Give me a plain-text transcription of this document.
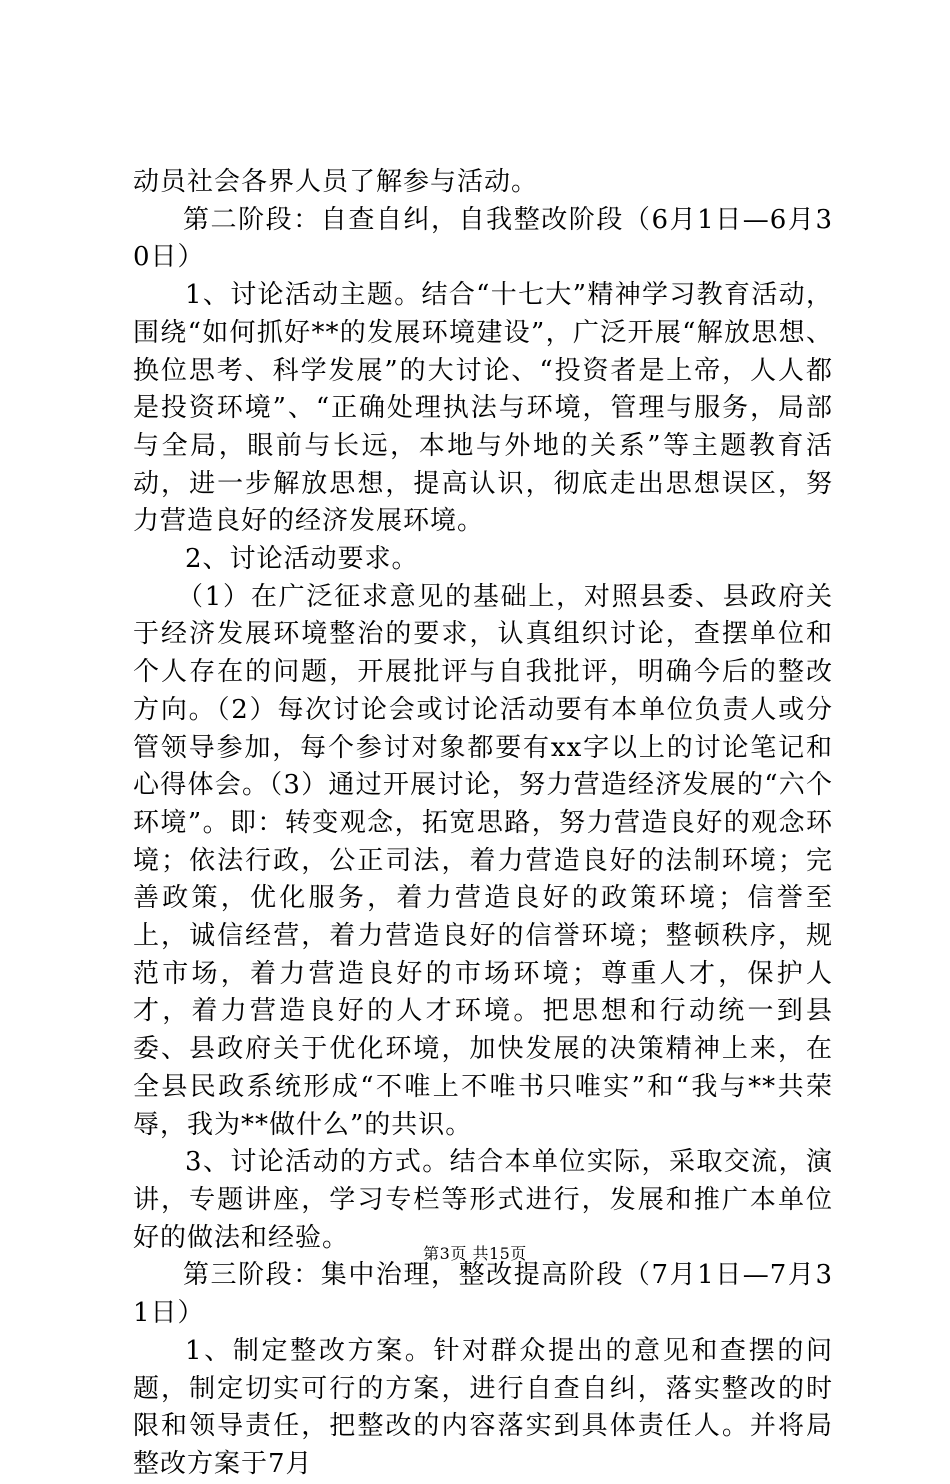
动员社会各界人员了解参与活动。

第二阶段：自查自纠，自我整改阶段（6月1日—6月30日）

1、讨论活动主题。结合“十七大”精神学习教育活动，围绕“如何抓好**的发展环境建设”，广泛开展“解放思想、换位思考、科学发展”的大讨论、“投资者是上帝，人人都是投资环境”、“正确处理执法与环境，管理与服务，局部与全局，眼前与长远，本地与外地的关系”等主题教育活动，进一步解放思想，提高认识，彻底走出思想误区，努力营造良好的经济发展环境。

2、讨论活动要求。

（1）在广泛征求意见的基础上，对照县委、县政府关于经济发展环境整治的要求，认真组织讨论，查摆单位和个人存在的问题，开展批评与自我批评，明确今后的整改方向。（2）每次讨论会或讨论活动要有本单位负责人或分管领导参加，每个参讨对象都要有xx字以上的讨论笔记和心得体会。（3）通过开展讨论，努力营造经济发展的“六个环境”。即：转变观念，拓宽思路，努力营造良好的观念环境；依法行政，公正司法，着力营造良好的法制环境；完善政策，优化服务，着力营造良好的政策环境；信誉至上，诚信经营，着力营造良好的信誉环境；整顿秩序，规范市场，着力营造良好的市场环境；尊重人才，保护人才，着力营造良好的人才环境。把思想和行动统一到县委、县政府关于优化环境，加快发展的决策精神上来，在全县民政系统形成“不唯上不唯书只唯实”和“我与**共荣辱，我为**做什么”的共识。

3、讨论活动的方式。结合本单位实际，采取交流，演讲，专题讲座，学习专栏等形式进行，发展和推广本单位好的做法和经验。

第三阶段：集中治理，整改提高阶段（7月1日—7月31日）

1、制定整改方案。针对群众提出的意见和查摆的问题，制定切实可行的方案，进行自查自纠，落实整改的时限和领导责任，把整改的内容落实到具体责任人。并将局整改方案于7月

第3页 共15页
